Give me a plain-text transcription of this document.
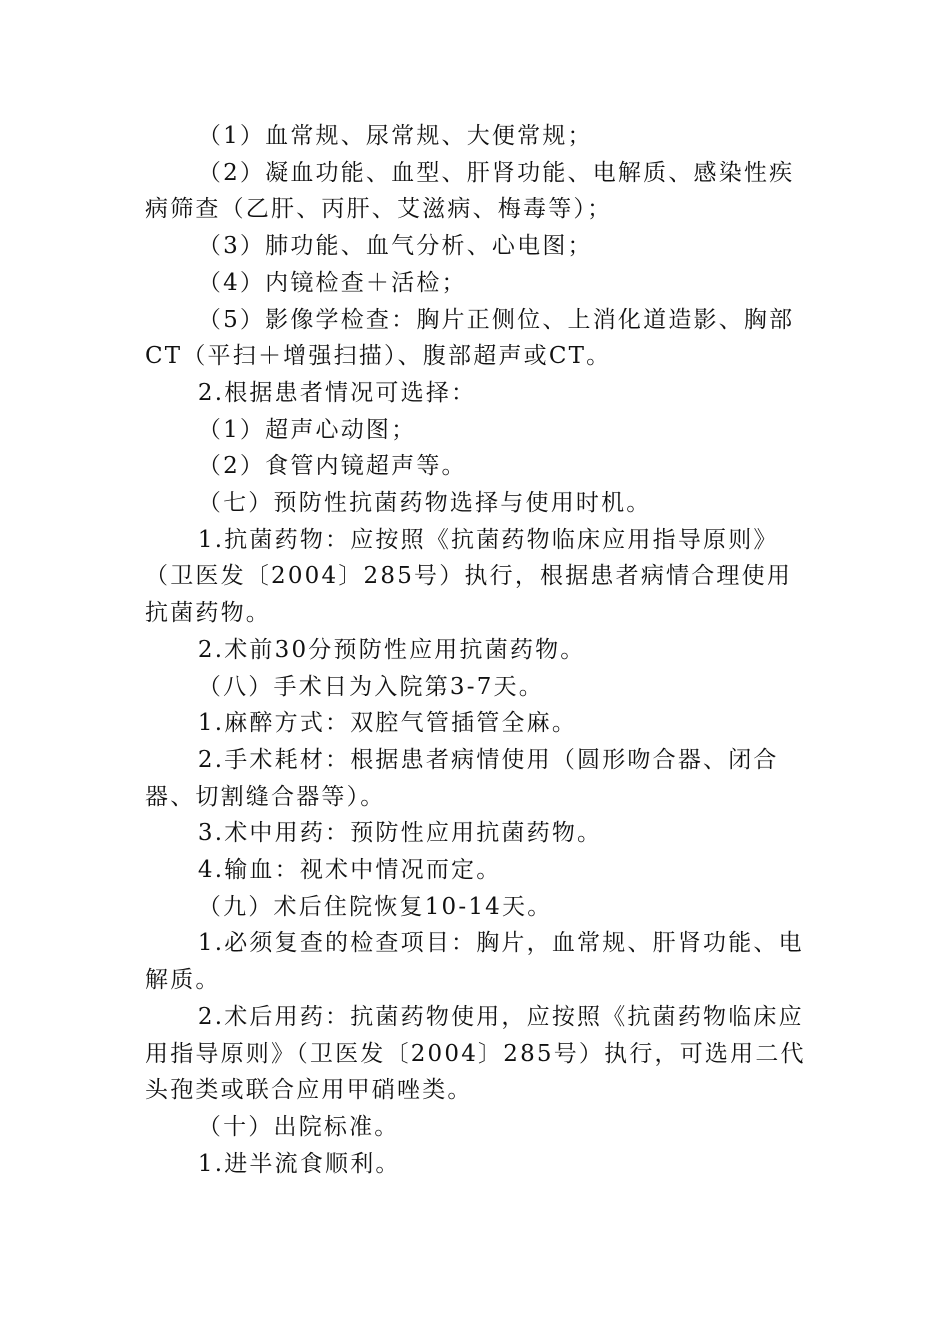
（1）血常规、尿常规、大便常规；

（2）凝血功能、血型、肝肾功能、电解质、感染性疾病筛查（乙肝、丙肝、艾滋病、梅毒等）；

（3）肺功能、血气分析、心电图；

（4）内镜检查＋活检；

（5）影像学检查：胸片正侧位、上消化道造影、胸部CT（平扫＋增强扫描）、腹部超声或CT。

2.根据患者情况可选择：

（1）超声心动图；

（2）食管内镜超声等。

（七）预防性抗菌药物选择与使用时机。

1.抗菌药物：应按照《抗菌药物临床应用指导原则》（卫医发〔2004〕285号）执行，根据患者病情合理使用抗菌药物。

2.术前30分预防性应用抗菌药物。

（八）手术日为入院第3-7天。

1.麻醉方式：双腔气管插管全麻。

2.手术耗材：根据患者病情使用（圆形吻合器、闭合器、切割缝合器等）。

3.术中用药：预防性应用抗菌药物。

4.输血：视术中情况而定。

（九）术后住院恢复10-14天。

1.必须复查的检查项目：胸片，血常规、肝肾功能、电解质。

2.术后用药：抗菌药物使用，应按照《抗菌药物临床应用指导原则》（卫医发〔2004〕285号）执行，可选用二代头孢类或联合应用甲硝唑类。

（十）出院标准。

1.进半流食顺利。
